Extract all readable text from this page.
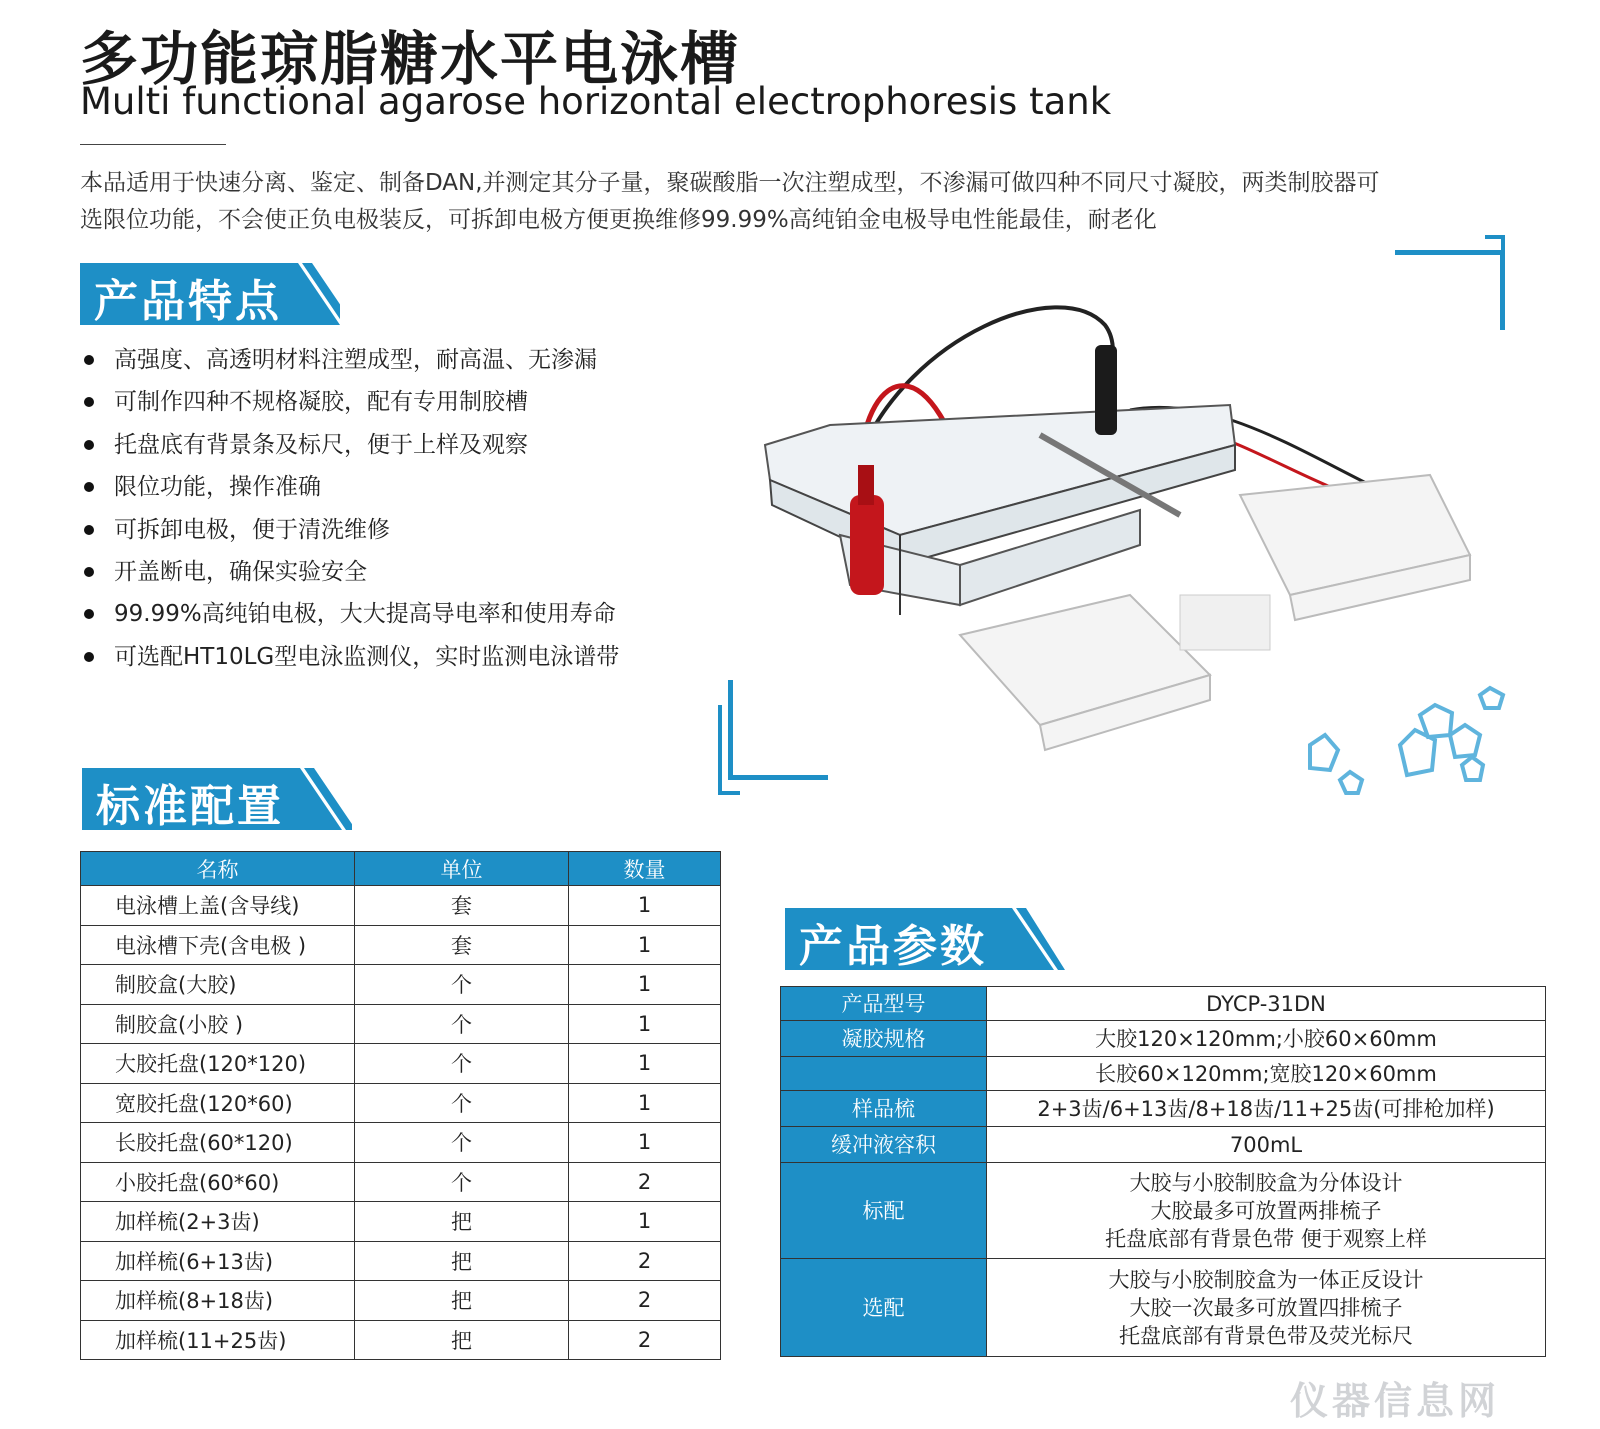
多功能琼脂糖水平电泳槽
Multi functional agarose horizontal electrophoresis tank
本品适用于快速分离、鉴定、制备DAN,并测定其分子量，聚碳酸脂一次注塑成型，不渗漏可做四种不同尺寸凝胶，两类制胶器可
选限位功能，不会使正负电极装反，可拆卸电极方便更换维修99.99%高纯铂金电极导电性能最佳，耐老化
产品特点
高强度、高透明材料注塑成型，耐高温、无渗漏
可制作四种不规格凝胶，配有专用制胶槽
托盘底有背景条及标尺，便于上样及观察
限位功能，操作准确
可拆卸电极，便于清洗维修
开盖断电，确保实验安全
99.99%高纯铂电极，大大提高导电率和使用寿命
可选配HT10LG型电泳监测仪，实时监测电泳谱带
标准配置
名称	单位	数量
电泳槽上盖(含导线)	套	1
电泳槽下壳(含电极 )	套	1
制胶盒(大胶)	个	1
制胶盒(小胶 )	个	1
大胶托盘(120*120)	个	1
宽胶托盘(120*60)	个	1
长胶托盘(60*120)	个	1
小胶托盘(60*60)	个	2
加样梳(2+3齿)	把	1
加样梳(6+13齿)	把	2
加样梳(8+18齿)	把	2
加样梳(11+25齿)	把	2
产品参数
产品型号	DYCP-31DN

凝胶规格	大胶120×120mm;小胶60×60mm

	长胶60×120mm;宽胶120×60mm

样品梳	2+3齿/6+13齿/8+18齿/11+25齿(可排枪加样)

缓冲液容积	700mL

标配	大胶与小胶制胶盒为分体设计
大胶最多可放置两排梳子
托盘底部有背景色带 便于观察上样

选配	大胶与小胶制胶盒为一体正反设计
大胶一次最多可放置四排梳子
托盘底部有背景色带及荧光标尺
仪器信息网
